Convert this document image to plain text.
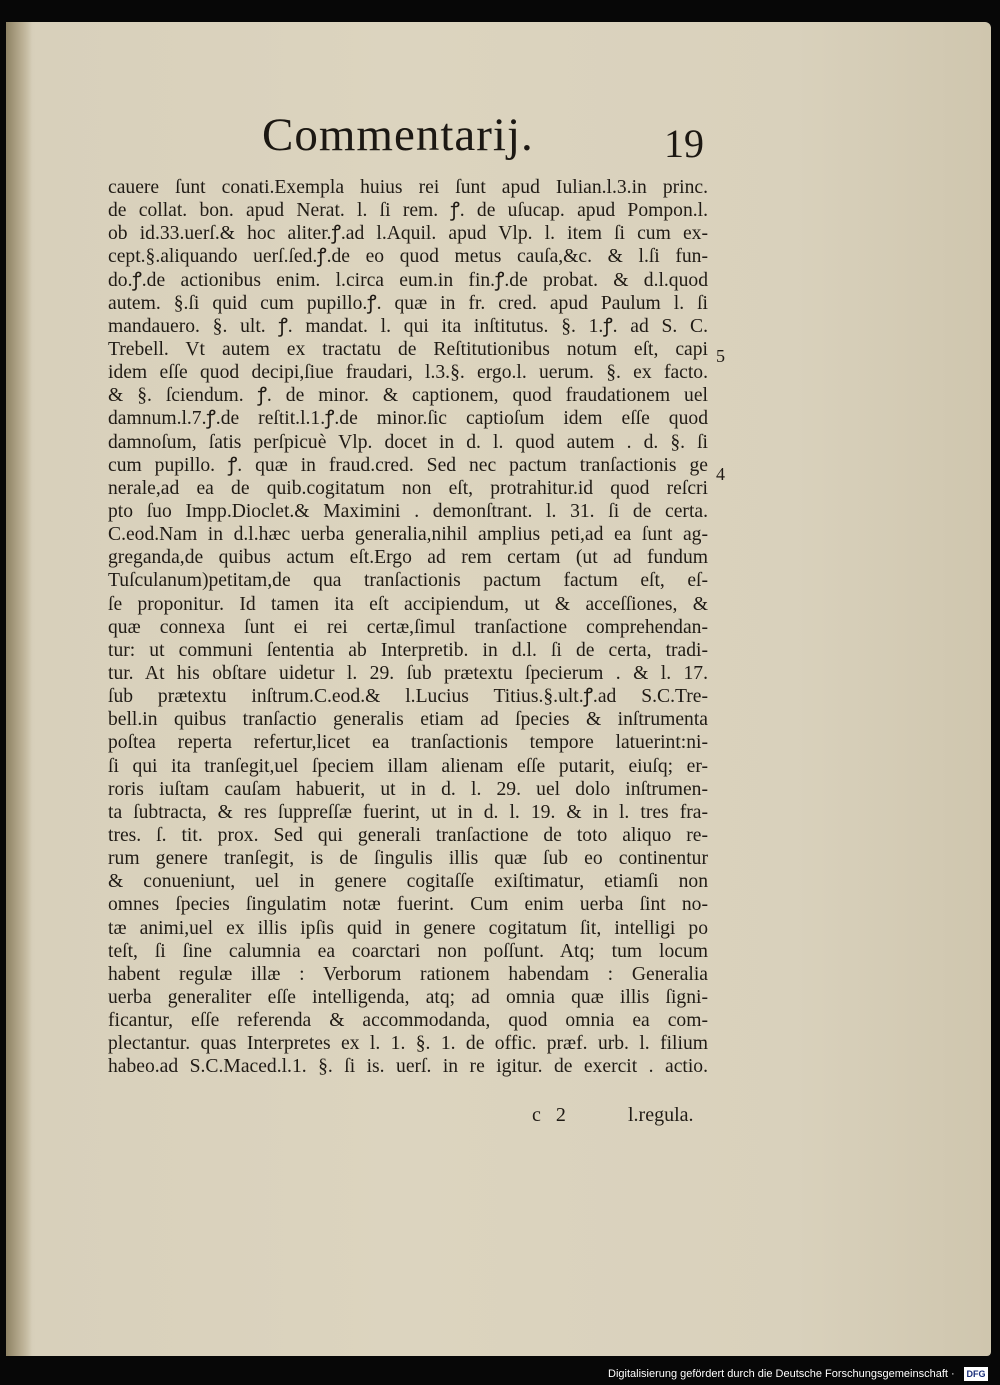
Commentarij.	19
cauere ſunt conati.Exempla huius rei ſunt apud Iulian.l.3.in princ.
de collat. bon. apud Nerat. l. ſi rem. ꝭ. de uſucap. apud Pompon.l.
ob id.33.uerſ.& hoc aliter.ꝭ.ad l.Aquil. apud Vlp. l. item ſi cum ex-
cept.§.aliquando uerſ.ſed.ꝭ.de eo quod metus cauſa,&c. & l.ſi fun-
do.ꝭ.de actionibus enim. l.circa eum.in fin.ꝭ.de probat. & d.l.quod
autem. §.ſi quid cum pupillo.ꝭ. quæ in fr. cred. apud Paulum l. ſi
mandauero. §. ult. ꝭ. mandat. l. qui ita inſtitutus. §. 1.ꝭ. ad S. C.
Trebell. Vt autem ex tractatu de Reſtitutionibus notum eſt, capi
idem eſſe quod decipi,ſiue fraudari, l.3.§. ergo.l. uerum. §. ex facto.
& §. ſciendum. ꝭ. de minor. & captionem, quod fraudationem uel
damnum.l.7.ꝭ.de reſtit.l.1.ꝭ.de minor.ſic captioſum idem eſſe quod
damnoſum, ſatis perſpicuè Vlp. docet in d. l. quod autem . d. §. ſi
cum pupillo. ꝭ. quæ in fraud.cred. Sed nec pactum tranſactionis ge
nerale,ad ea de quib.cogitatum non eſt, protrahitur.id quod reſcri
pto ſuo Impp.Dioclet.& Maximini . demonſtrant. l. 31. ſi de certa.
C.eod.Nam in d.l.hæc uerba generalia,nihil amplius peti,ad ea ſunt ag-
greganda,de quibus actum eſt.Ergo ad rem certam (ut ad fundum
Tuſculanum)petitam,de qua tranſactionis pactum factum eſt, eſ-
ſe proponitur. Id tamen ita eſt accipiendum, ut & acceſſiones, &
quæ connexa ſunt ei rei certæ,ſimul tranſactione comprehendan-
tur: ut communi ſententia ab Interpretib. in d.l. ſi de certa, tradi-
tur. At his obſtare uidetur l. 29. ſub prætextu ſpecierum . & l. 17.
ſub prætextu inſtrum.C.eod.& l.Lucius Titius.§.ult.ꝭ.ad S.C.Tre-
bell.in quibus tranſactio generalis etiam ad ſpecies & inſtrumenta
poſtea reperta refertur,licet ea tranſactionis tempore latuerint:ni-
ſi qui ita tranſegit,uel ſpeciem illam alienam eſſe putarit, eiuſq; er-
roris iuſtam cauſam habuerit, ut in d. l. 29. uel dolo inſtrumen-
ta ſubtracta, & res ſuppreſſæ fuerint, ut in d. l. 19. & in l. tres fra-
tres. ſ. tit. prox. Sed qui generali tranſactione de toto aliquo re-
rum genere tranſegit, is de ſingulis illis quæ ſub eo continentur
& conueniunt, uel in genere cogitaſſe exiſtimatur, etiamſi non
omnes ſpecies ſingulatim notæ fuerint. Cum enim uerba ſint no-
tæ animi,uel ex illis ipſis quid in genere cogitatum ſit, intelligi po
teſt, ſi ſine calumnia ea coarctari non poſſunt. Atq; tum locum
habent regulæ illæ : Verborum rationem habendam : Generalia
uerba generaliter eſſe intelligenda, atq; ad omnia quæ illis ſigni-
ficantur, eſſe referenda & accommodanda, quod omnia ea com-
plectantur. quas Interpretes ex l. 1. §. 1. de offic. præf. urb. l. filium
habeo.ad S.C.Maced.l.1. §. ſi is. uerſ. in re igitur. de exercit . actio.
5
4
c 2	l.regula.
Digitalisierung gefördert durch die Deutsche Forschungsgemeinschaft · DFG
